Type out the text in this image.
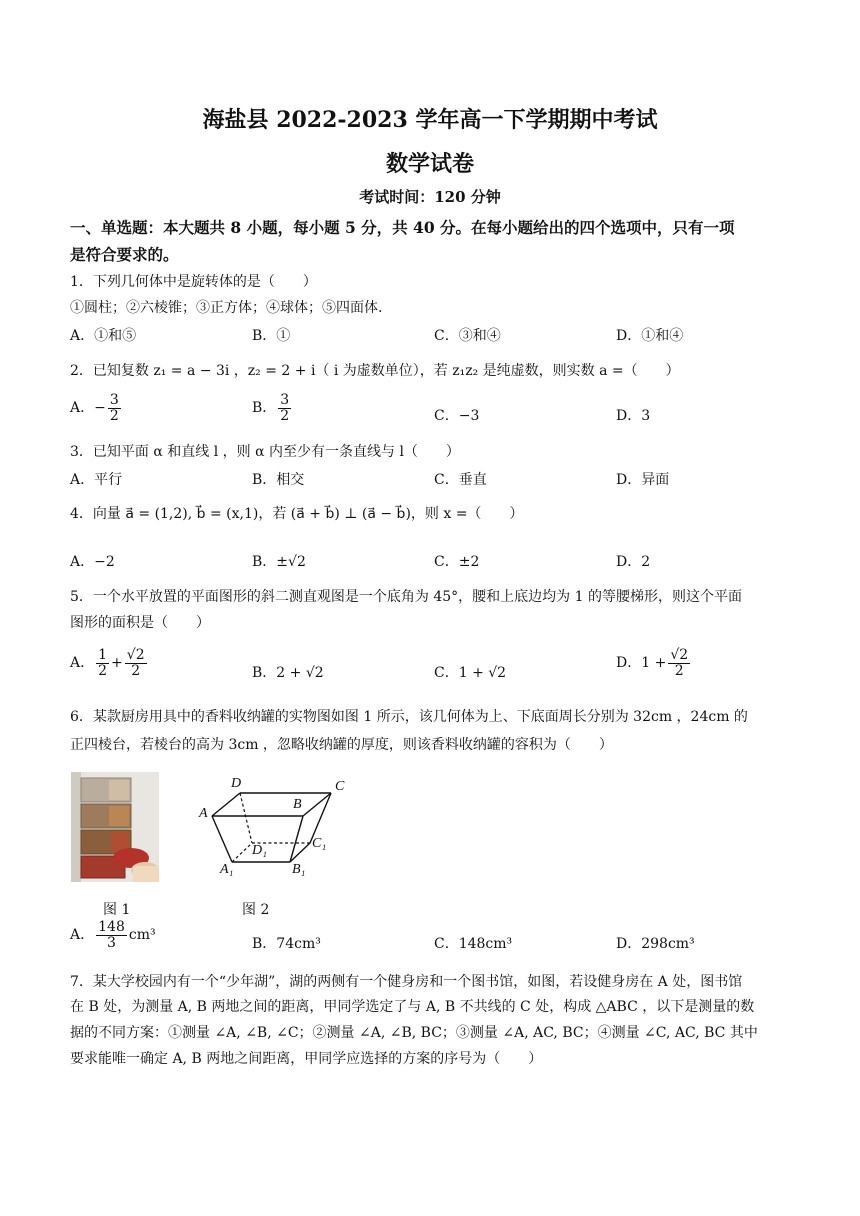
海盐县 2022-2023 学年高一下学期期中考试
数学试卷
考试时间：120 分钟
一、单选题：本大题共 8 小题，每小题 5 分，共 40 分。在每小题给出的四个选项中，只有一项
是符合要求的。
1．下列几何体中是旋转体的是（　　）
①圆柱；②六棱锥；③正方体；④球体；⑤四面体.
A．①和⑤	B．①	C．③和④	D．①和④
2．已知复数 z₁ = a − 3i ，z₂ = 2 + i（ i 为虚数单位），若 z₁z₂ 是纯虚数，则实数 a =（　　）
A．− $\frac{3}{2}$	B． $\frac{3}{2}$	C．−3	D．3
3．已知平面 α 和直线 l ，则 α 内至少有一条直线与 l（　　）
A．平行	B．相交	C．垂直	D．异面
4．向量 a⃗ = (1,2), b⃗ = (x,1)，若 (a⃗ + b⃗) ⊥ (a⃗ − b⃗)，则 x =（　　）
A．−2	B．±√2	C．±2	D．2
5．一个水平放置的平面图形的斜二测直观图是一个底角为 45°，腰和上底边均为 1 的等腰梯形，则这个平面
图形的面积是（　　）
A． $\frac{1}{2} + \frac{√2}{2}$	B．2 + √2	C．1 + √2
D．$1 + \frac{√2}{2}$
6．某款厨房用具中的香料收纳罐的实物图如图 1 所示，该几何体为上、下底面周长分别为 32cm ，24cm 的
正四棱台，若棱台的高为 3cm ，忽略收纳罐的厚度，则该香料收纳罐的容积为（　　）
D	C
A
B
D₁	C₁
A₁	B₁
图 1	图 2
A． $\frac{148}{3} cm^3$
B．74cm³	C．148cm³	D．298cm³
7．某大学校园内有一个“少年湖”，湖的两侧有一个健身房和一个图书馆，如图，若设健身房在 A 处，图书馆
在 B 处，为测量 A, B 两地之间的距离，甲同学选定了与 A, B 不共线的 C 处，构成 △ABC ，以下是测量的数
据的不同方案：①测量 ∠A, ∠B, ∠C；②测量 ∠A, ∠B, BC；③测量 ∠A, AC, BC；④测量 ∠C, AC, BC 其中
要求能唯一确定 A, B 两地之间距离，甲同学应选择的方案的序号为（　　）
